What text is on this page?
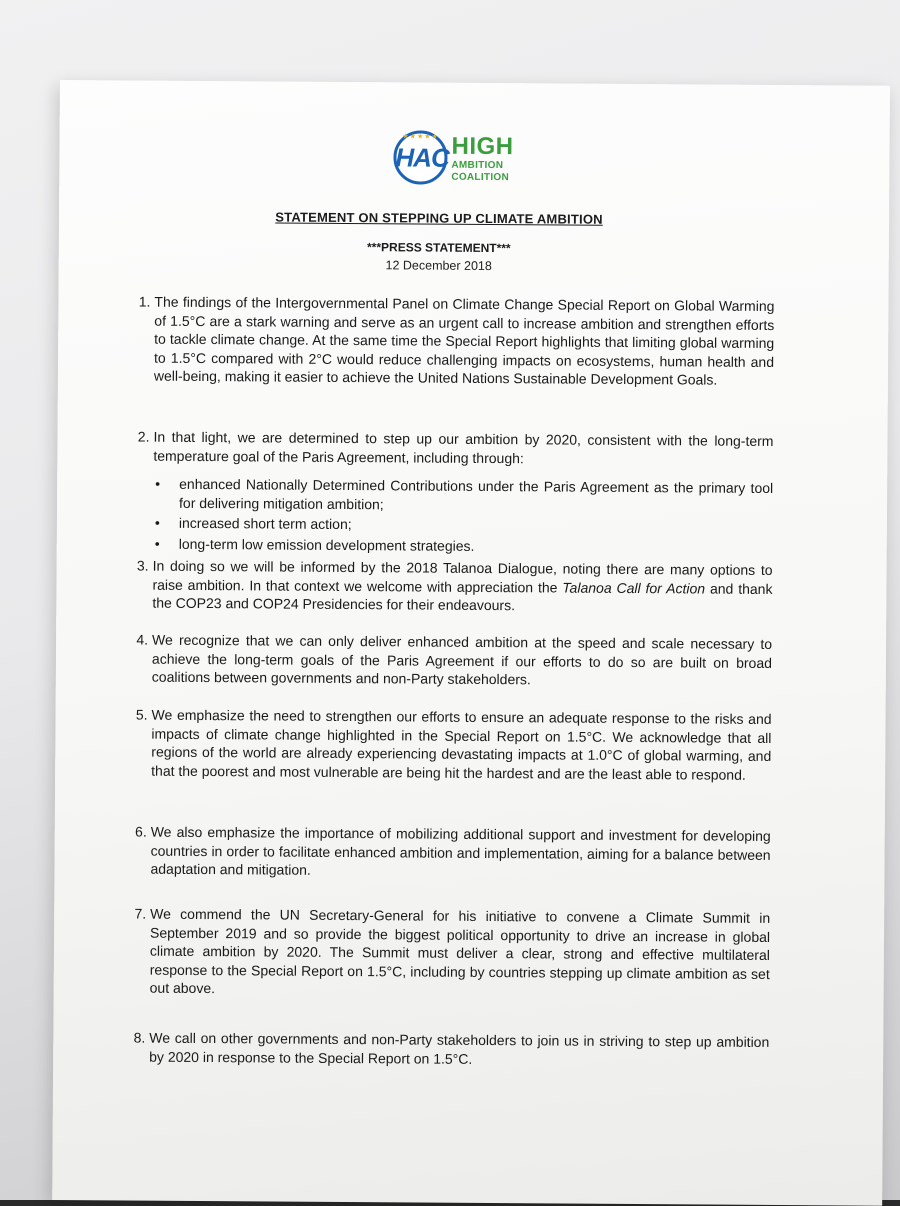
★★★★★
HAC HIGH
AMBITION
COALITION
STATEMENT ON STEPPING UP CLIMATE AMBITION
***PRESS STATEMENT***
12 December 2018
1. The findings of the Intergovernmental Panel on Climate Change Special Report on Global Warming of 1.5°C are a stark warning and serve as an urgent call to increase ambition and strengthen efforts to tackle climate change. At the same time the Special Report highlights that limiting global warming to 1.5°C compared with 2°C would reduce challenging impacts on ecosystems, human health and well-being, making it easier to achieve the United Nations Sustainable Development Goals.
2. In that light, we are determined to step up our ambition by 2020, consistent with the long-term temperature goal of the Paris Agreement, including through:
• enhanced Nationally Determined Contributions under the Paris Agreement as the primary tool for delivering mitigation ambition;
• increased short term action;
• long-term low emission development strategies.
3. In doing so we will be informed by the 2018 Talanoa Dialogue, noting there are many options to raise ambition. In that context we welcome with appreciation the Talanoa Call for Action and thank the COP23 and COP24 Presidencies for their endeavours.
4. We recognize that we can only deliver enhanced ambition at the speed and scale necessary to achieve the long-term goals of the Paris Agreement if our efforts to do so are built on broad coalitions between governments and non-Party stakeholders.
5. We emphasize the need to strengthen our efforts to ensure an adequate response to the risks and impacts of climate change highlighted in the Special Report on 1.5°C. We acknowledge that all regions of the world are already experiencing devastating impacts at 1.0°C of global warming, and that the poorest and most vulnerable are being hit the hardest and are the least able to respond.
6. We also emphasize the importance of mobilizing additional support and investment for developing countries in order to facilitate enhanced ambition and implementation, aiming for a balance between adaptation and mitigation.
7. We commend the UN Secretary-General for his initiative to convene a Climate Summit in September 2019 and so provide the biggest political opportunity to drive an increase in global climate ambition by 2020. The Summit must deliver a clear, strong and effective multilateral response to the Special Report on 1.5°C, including by countries stepping up climate ambition as set out above.
8. We call on other governments and non-Party stakeholders to join us in striving to step up ambition by 2020 in response to the Special Report on 1.5°C.
